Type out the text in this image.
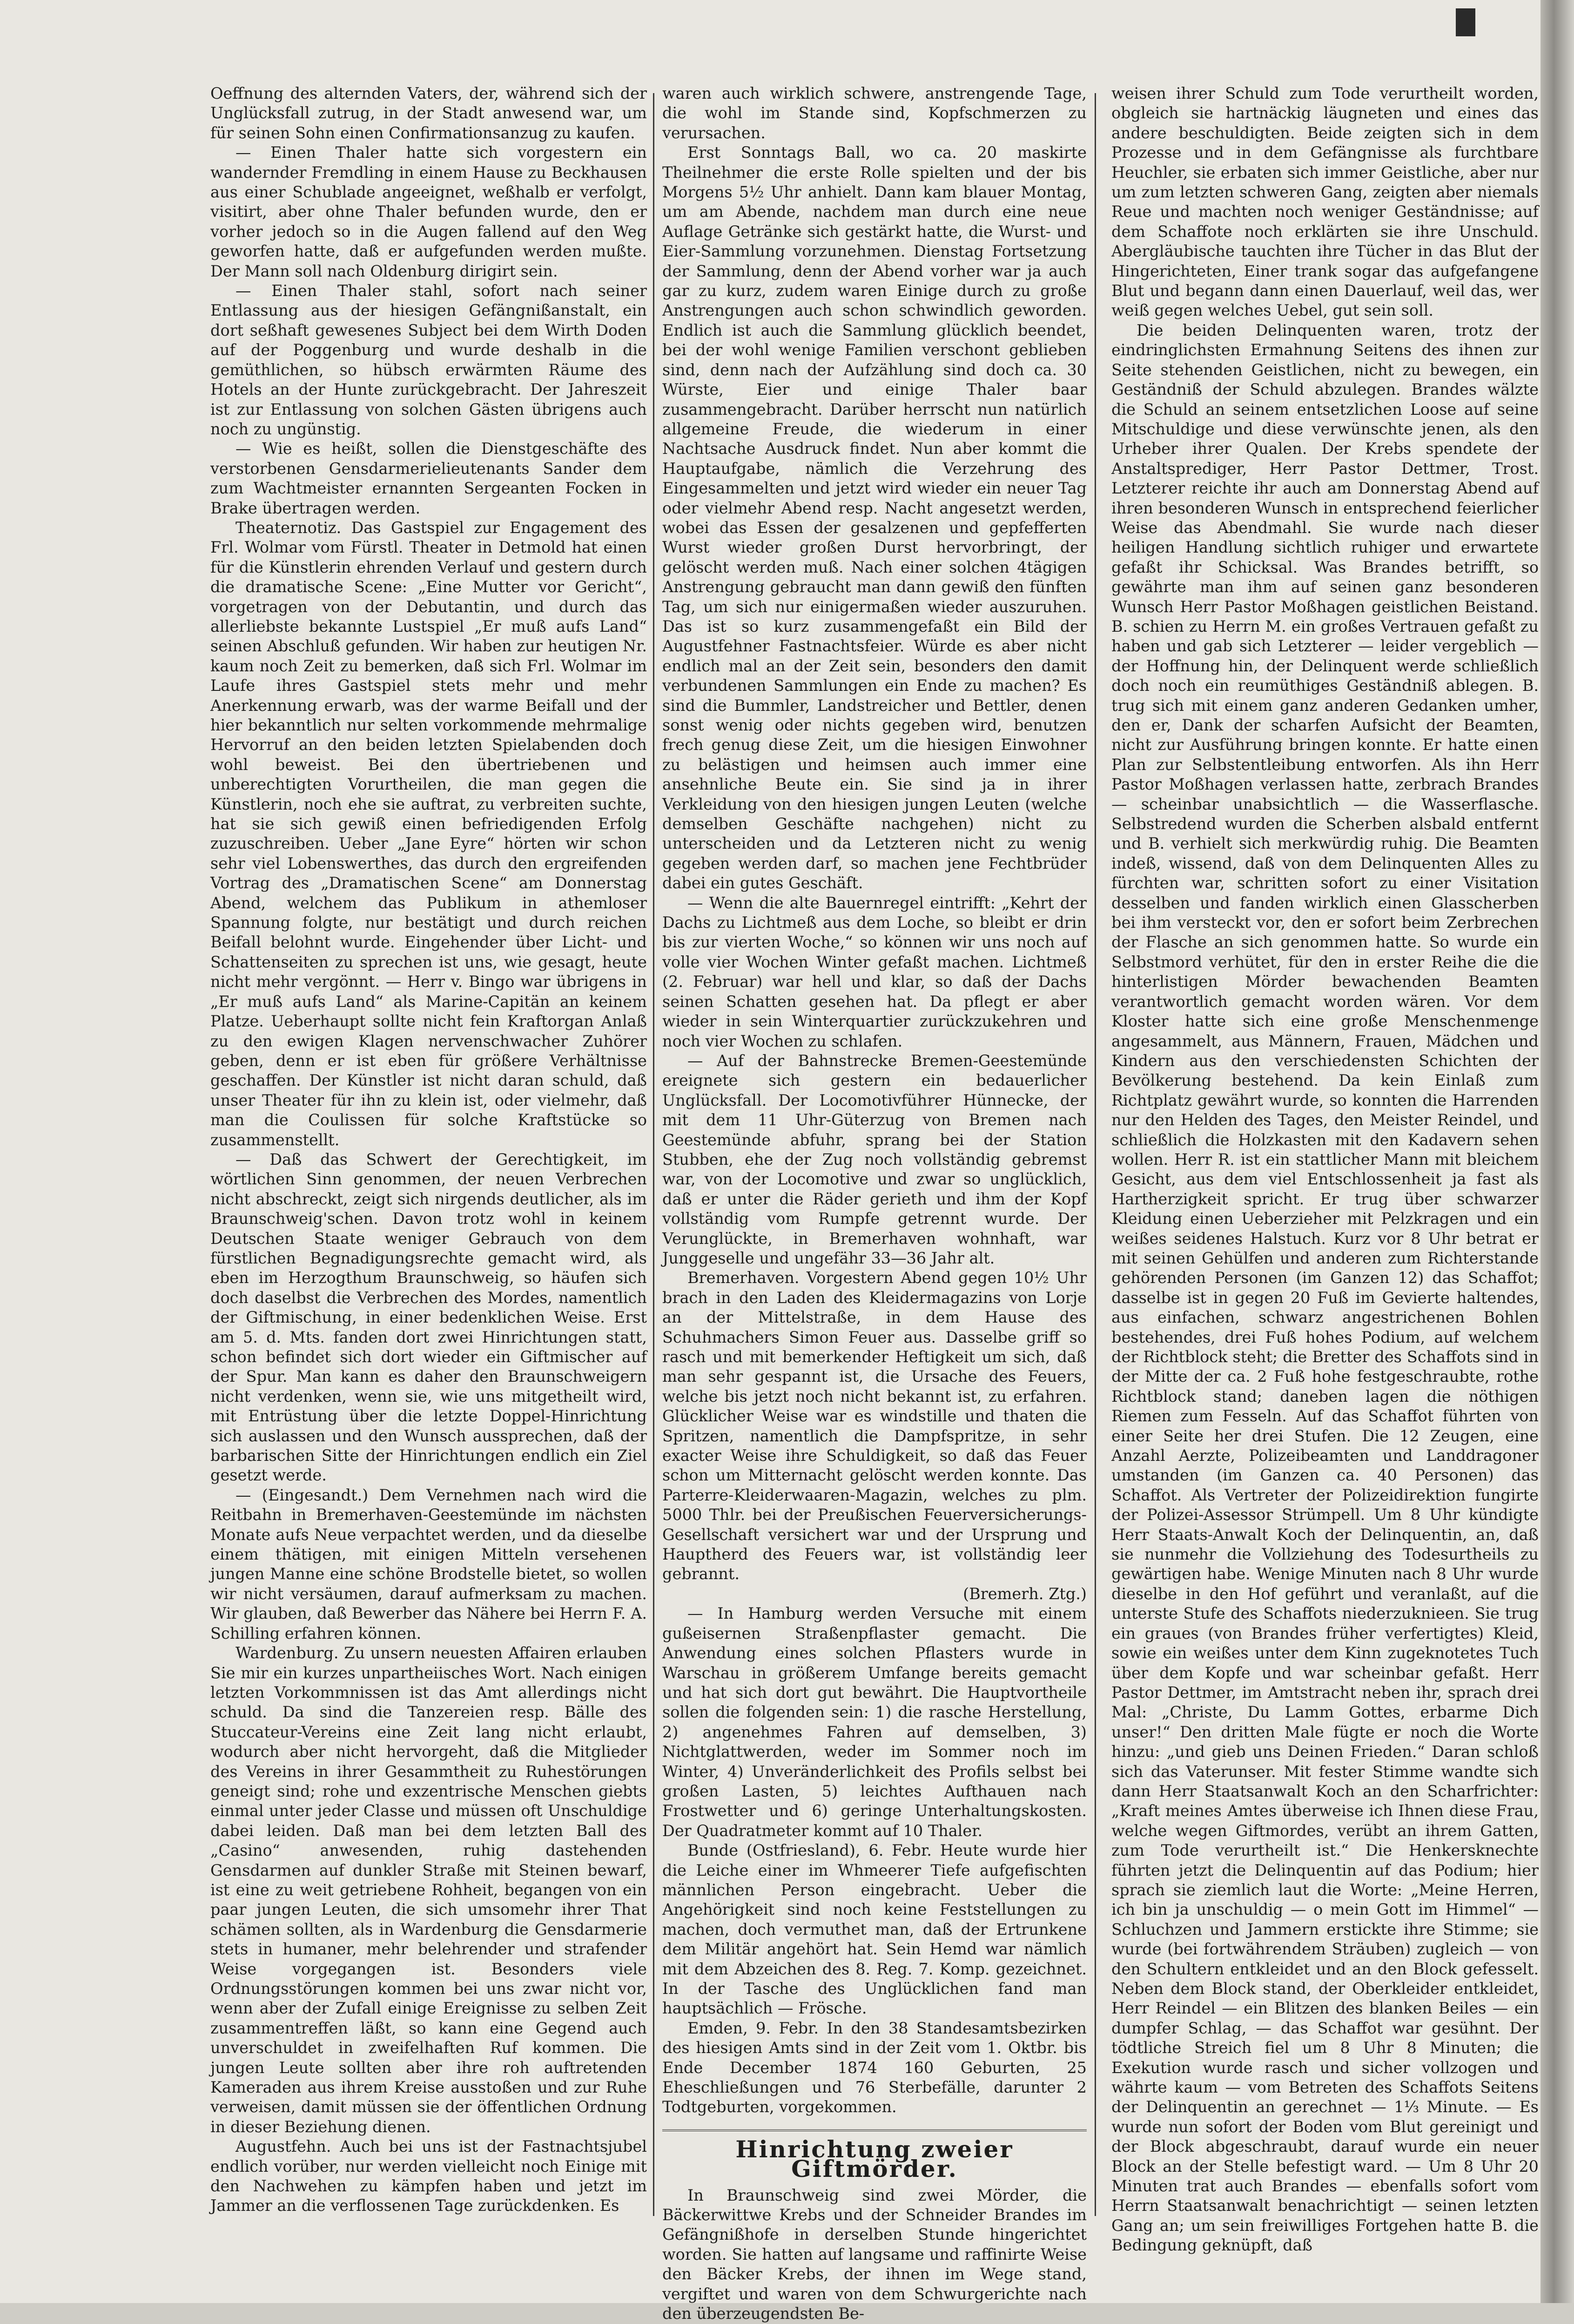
Oeffnung des alternden Vaters, der, während sich der Unglücksfall zutrug, in der Stadt anwesend war, um für seinen Sohn einen Confirmationsanzug zu kaufen.

— Einen Thaler hatte sich vorgestern ein wandernder Fremdling in einem Hause zu Beckhausen aus einer Schublade angeeignet, weßhalb er verfolgt, visitirt, aber ohne Thaler befunden wurde, den er vorher jedoch so in die Augen fallend auf den Weg geworfen hatte, daß er aufgefunden werden mußte. Der Mann soll nach Oldenburg dirigirt sein.

— Einen Thaler stahl, sofort nach seiner Entlassung aus der hiesigen Gefängnißanstalt, ein dort seßhaft gewesenes Subject bei dem Wirth Doden auf der Poggenburg und wurde deshalb in die gemüthlichen, so hübsch erwärmten Räume des Hotels an der Hunte zurückgebracht. Der Jahreszeit ist zur Entlassung von solchen Gästen übrigens auch noch zu ungünstig.

— Wie es heißt, sollen die Dienstgeschäfte des verstorbenen Gensdarmerielieutenants Sander dem zum Wachtmeister ernannten Sergeanten Focken in Brake übertragen werden.

Theaternotiz. Das Gastspiel zur Engagement des Frl. Wolmar vom Fürstl. Theater in Detmold hat einen für die Künstlerin ehrenden Verlauf und gestern durch die dramatische Scene: „Eine Mutter vor Gericht“, vorgetragen von der Debutantin, und durch das allerliebste bekannte Lustspiel „Er muß aufs Land“ seinen Abschluß gefunden. Wir haben zur heutigen Nr. kaum noch Zeit zu bemerken, daß sich Frl. Wolmar im Laufe ihres Gastspiel stets mehr und mehr Anerkennung erwarb, was der warme Beifall und der hier bekanntlich nur selten vorkommende mehrmalige Hervorruf an den beiden letzten Spielabenden doch wohl beweist. Bei den übertriebenen und unberechtigten Vorurtheilen, die man gegen die Künstlerin, noch ehe sie auftrat, zu verbreiten suchte, hat sie sich gewiß einen befriedigenden Erfolg zuzuschreiben. Ueber „Jane Eyre“ hörten wir schon sehr viel Lobenswerthes, das durch den ergreifenden Vortrag des „Dramatischen Scene“ am Donnerstag Abend, welchem das Publikum in athemloser Spannung folgte, nur bestätigt und durch reichen Beifall belohnt wurde. Eingehender über Licht- und Schattenseiten zu sprechen ist uns, wie gesagt, heute nicht mehr vergönnt. — Herr v. Bingo war übrigens in „Er muß aufs Land“ als Marine-Capitän an keinem Platze. Ueberhaupt sollte nicht fein Kraftorgan Anlaß zu den ewigen Klagen nervenschwacher Zuhörer geben, denn er ist eben für größere Verhältnisse geschaffen. Der Künstler ist nicht daran schuld, daß unser Theater für ihn zu klein ist, oder vielmehr, daß man die Coulissen für solche Kraftstücke so zusammenstellt.

— Daß das Schwert der Gerechtigkeit, im wörtlichen Sinn genommen, der neuen Verbrechen nicht abschreckt, zeigt sich nirgends deutlicher, als im Braunschweig'schen. Davon trotz wohl in keinem Deutschen Staate weniger Gebrauch von dem fürstlichen Begnadigungsrechte gemacht wird, als eben im Herzogthum Braunschweig, so häufen sich doch daselbst die Verbrechen des Mordes, namentlich der Giftmischung, in einer bedenklichen Weise. Erst am 5. d. Mts. fanden dort zwei Hinrichtungen statt, schon befindet sich dort wieder ein Giftmischer auf der Spur. Man kann es daher den Braunschweigern nicht verdenken, wenn sie, wie uns mitgetheilt wird, mit Entrüstung über die letzte Doppel-Hinrichtung sich auslassen und den Wunsch aussprechen, daß der barbarischen Sitte der Hinrichtungen endlich ein Ziel gesetzt werde.

— (Eingesandt.) Dem Vernehmen nach wird die Reitbahn in Bremerhaven-Geestemünde im nächsten Monate aufs Neue verpachtet werden, und da dieselbe einem thätigen, mit einigen Mitteln versehenen jungen Manne eine schöne Brodstelle bietet, so wollen wir nicht versäumen, darauf aufmerksam zu machen. Wir glauben, daß Bewerber das Nähere bei Herrn F. A. Schilling erfahren können.

Wardenburg. Zu unsern neuesten Affairen erlauben Sie mir ein kurzes unpartheiisches Wort. Nach einigen letzten Vorkommnissen ist das Amt allerdings nicht schuld. Da sind die Tanzereien resp. Bälle des Stuccateur-Vereins eine Zeit lang nicht erlaubt, wodurch aber nicht hervorgeht, daß die Mitglieder des Vereins in ihrer Gesammtheit zu Ruhestörungen geneigt sind; rohe und exzentrische Menschen giebts einmal unter jeder Classe und müssen oft Unschuldige dabei leiden. Daß man bei dem letzten Ball des „Casino“ anwesenden, ruhig dastehenden Gensdarmen auf dunkler Straße mit Steinen bewarf, ist eine zu weit getriebene Rohheit, begangen von ein paar jungen Leuten, die sich umsomehr ihrer That schämen sollten, als in Wardenburg die Gensdarmerie stets in humaner, mehr belehrender und strafender Weise vorgegangen ist. Besonders viele Ordnungsstörungen kommen bei uns zwar nicht vor, wenn aber der Zufall einige Ereignisse zu selben Zeit zusammentreffen läßt, so kann eine Gegend auch unverschuldet in zweifelhaften Ruf kommen. Die jungen Leute sollten aber ihre roh auftretenden Kameraden aus ihrem Kreise ausstoßen und zur Ruhe verweisen, damit müssen sie der öffentlichen Ordnung in dieser Beziehung dienen.

Augustfehn. Auch bei uns ist der Fastnachtsjubel endlich vorüber, nur werden vielleicht noch Einige mit den Nachwehen zu kämpfen haben und jetzt im Jammer an die verflossenen Tage zurückdenken. Es

waren auch wirklich schwere, anstrengende Tage, die wohl im Stande sind, Kopfschmerzen zu verursachen.

Erst Sonntags Ball, wo ca. 20 maskirte Theilnehmer die erste Rolle spielten und der bis Morgens 5½ Uhr anhielt. Dann kam blauer Montag, um am Abende, nachdem man durch eine neue Auflage Getränke sich gestärkt hatte, die Wurst- und Eier-Sammlung vorzunehmen. Dienstag Fortsetzung der Sammlung, denn der Abend vorher war ja auch gar zu kurz, zudem waren Einige durch zu große Anstrengungen auch schon schwindlich geworden. Endlich ist auch die Sammlung glücklich beendet, bei der wohl wenige Familien verschont geblieben sind, denn nach der Aufzählung sind doch ca. 30 Würste, Eier und einige Thaler baar zusammengebracht. Darüber herrscht nun natürlich allgemeine Freude, die wiederum in einer Nachtsache Ausdruck findet. Nun aber kommt die Hauptaufgabe, nämlich die Verzehrung des Eingesammelten und jetzt wird wieder ein neuer Tag oder vielmehr Abend resp. Nacht angesetzt werden, wobei das Essen der gesalzenen und gepfefferten Wurst wieder großen Durst hervorbringt, der gelöscht werden muß. Nach einer solchen 4tägigen Anstrengung gebraucht man dann gewiß den fünften Tag, um sich nur einigermaßen wieder auszuruhen. Das ist so kurz zusammengefaßt ein Bild der Augustfehner Fastnachtsfeier. Würde es aber nicht endlich mal an der Zeit sein, besonders den damit verbundenen Sammlungen ein Ende zu machen? Es sind die Bummler, Landstreicher und Bettler, denen sonst wenig oder nichts gegeben wird, benutzen frech genug diese Zeit, um die hiesigen Einwohner zu belästigen und heimsen auch immer eine ansehnliche Beute ein. Sie sind ja in ihrer Verkleidung von den hiesigen jungen Leuten (welche demselben Geschäfte nachgehen) nicht zu unterscheiden und da Letzteren nicht zu wenig gegeben werden darf, so machen jene Fechtbrüder dabei ein gutes Geschäft.

— Wenn die alte Bauernregel eintrifft: „Kehrt der Dachs zu Lichtmeß aus dem Loche, so bleibt er drin bis zur vierten Woche,“ so können wir uns noch auf volle vier Wochen Winter gefaßt machen. Lichtmeß (2. Februar) war hell und klar, so daß der Dachs seinen Schatten gesehen hat. Da pflegt er aber wieder in sein Winterquartier zurückzukehren und noch vier Wochen zu schlafen.

— Auf der Bahnstrecke Bremen-Geestemünde ereignete sich gestern ein bedauerlicher Unglücksfall. Der Locomotivführer Hünnecke, der mit dem 11 Uhr-Güterzug von Bremen nach Geestemünde abfuhr, sprang bei der Station Stubben, ehe der Zug noch vollständig gebremst war, von der Locomotive und zwar so unglücklich, daß er unter die Räder gerieth und ihm der Kopf vollständig vom Rumpfe getrennt wurde. Der Verunglückte, in Bremerhaven wohnhaft, war Junggeselle und ungefähr 33—36 Jahr alt.

Bremerhaven. Vorgestern Abend gegen 10½ Uhr brach in den Laden des Kleidermagazins von Lorje an der Mittelstraße, in dem Hause des Schuhmachers Simon Feuer aus. Dasselbe griff so rasch und mit bemerkender Heftigkeit um sich, daß man sehr gespannt ist, die Ursache des Feuers, welche bis jetzt noch nicht bekannt ist, zu erfahren. Glücklicher Weise war es windstille und thaten die Spritzen, namentlich die Dampfspritze, in sehr exacter Weise ihre Schuldigkeit, so daß das Feuer schon um Mitternacht gelöscht werden konnte. Das Parterre-Kleiderwaaren-Magazin, welches zu plm. 5000 Thlr. bei der Preußischen Feuerversicherungs-Gesellschaft versichert war und der Ursprung und Hauptherd des Feuers war, ist vollständig leer gebrannt.

(Bremerh. Ztg.)

— In Hamburg werden Versuche mit einem gußeisernen Straßenpflaster gemacht. Die Anwendung eines solchen Pflasters wurde in Warschau in größerem Umfange bereits gemacht und hat sich dort gut bewährt. Die Hauptvortheile sollen die folgenden sein: 1) die rasche Herstellung, 2) angenehmes Fahren auf demselben, 3) Nichtglattwerden, weder im Sommer noch im Winter, 4) Unveränderlichkeit des Profils selbst bei großen Lasten, 5) leichtes Aufthauen nach Frostwetter und 6) geringe Unterhaltungskosten. Der Quadratmeter kommt auf 10 Thaler.

Bunde (Ostfriesland), 6. Febr. Heute wurde hier die Leiche einer im Whmeerer Tiefe aufgefischten männlichen Person eingebracht. Ueber die Angehörigkeit sind noch keine Feststellungen zu machen, doch vermuthet man, daß der Ertrunkene dem Militär angehört hat. Sein Hemd war nämlich mit dem Abzeichen des 8. Reg. 7. Komp. gezeichnet. In der Tasche des Unglücklichen fand man hauptsächlich — Frösche.

Emden, 9. Febr. In den 38 Standesamtsbezirken des hiesigen Amts sind in der Zeit vom 1. Oktbr. bis Ende December 1874 160 Geburten, 25 Eheschließungen und 76 Sterbefälle, darunter 2 Todtgeburten, vorgekommen.

Hinrichtung zweier Giftmörder.

In Braunschweig sind zwei Mörder, die Bäckerwittwe Krebs und der Schneider Brandes im Gefängnißhofe in derselben Stunde hingerichtet worden. Sie hatten auf langsame und raffinirte Weise den Bäcker Krebs, der ihnen im Wege stand, vergiftet und waren von dem Schwurgerichte nach den überzeugendsten Be-

weisen ihrer Schuld zum Tode verurtheilt worden, obgleich sie hartnäckig läugneten und eines das andere beschuldigten. Beide zeigten sich in dem Prozesse und in dem Gefängnisse als furchtbare Heuchler, sie erbaten sich immer Geistliche, aber nur um zum letzten schweren Gang, zeigten aber niemals Reue und machten noch weniger Geständnisse; auf dem Schaffote noch erklärten sie ihre Unschuld. Abergläubische tauchten ihre Tücher in das Blut der Hingerichteten, Einer trank sogar das aufgefangene Blut und begann dann einen Dauerlauf, weil das, wer weiß gegen welches Uebel, gut sein soll.

Die beiden Delinquenten waren, trotz der eindringlichsten Ermahnung Seitens des ihnen zur Seite stehenden Geistlichen, nicht zu bewegen, ein Geständniß der Schuld abzulegen. Brandes wälzte die Schuld an seinem entsetzlichen Loose auf seine Mitschuldige und diese verwünschte jenen, als den Urheber ihrer Qualen. Der Krebs spendete der Anstaltsprediger, Herr Pastor Dettmer, Trost. Letzterer reichte ihr auch am Donnerstag Abend auf ihren besonderen Wunsch in entsprechend feierlicher Weise das Abendmahl. Sie wurde nach dieser heiligen Handlung sichtlich ruhiger und erwartete gefaßt ihr Schicksal. Was Brandes betrifft, so gewährte man ihm auf seinen ganz besonderen Wunsch Herr Pastor Moßhagen geistlichen Beistand. B. schien zu Herrn M. ein großes Vertrauen gefaßt zu haben und gab sich Letzterer — leider vergeblich — der Hoffnung hin, der Delinquent werde schließlich doch noch ein reumüthiges Geständniß ablegen. B. trug sich mit einem ganz anderen Gedanken umher, den er, Dank der scharfen Aufsicht der Beamten, nicht zur Ausführung bringen konnte. Er hatte einen Plan zur Selbstentleibung entworfen. Als ihn Herr Pastor Moßhagen verlassen hatte, zerbrach Brandes — scheinbar unabsichtlich — die Wasserflasche. Selbstredend wurden die Scherben alsbald entfernt und B. verhielt sich merkwürdig ruhig. Die Beamten indeß, wissend, daß von dem Delinquenten Alles zu fürchten war, schritten sofort zu einer Visitation desselben und fanden wirklich einen Glasscherben bei ihm versteckt vor, den er sofort beim Zerbrechen der Flasche an sich genommen hatte. So wurde ein Selbstmord verhütet, für den in erster Reihe die die hinterlistigen Mörder bewachenden Beamten verantwortlich gemacht worden wären. Vor dem Kloster hatte sich eine große Menschenmenge angesammelt, aus Männern, Frauen, Mädchen und Kindern aus den verschiedensten Schichten der Bevölkerung bestehend. Da kein Einlaß zum Richtplatz gewährt wurde, so konnten die Harrenden nur den Helden des Tages, den Meister Reindel, und schließlich die Holzkasten mit den Kadavern sehen wollen. Herr R. ist ein stattlicher Mann mit bleichem Gesicht, aus dem viel Entschlossenheit ja fast als Hartherzigkeit spricht. Er trug über schwarzer Kleidung einen Ueberzieher mit Pelzkragen und ein weißes seidenes Halstuch. Kurz vor 8 Uhr betrat er mit seinen Gehülfen und anderen zum Richterstande gehörenden Personen (im Ganzen 12) das Schaffot; dasselbe ist in gegen 20 Fuß im Gevierte haltendes, aus einfachen, schwarz angestrichenen Bohlen bestehendes, drei Fuß hohes Podium, auf welchem der Richtblock steht; die Bretter des Schaffots sind in der Mitte der ca. 2 Fuß hohe festgeschraubte, rothe Richtblock stand; daneben lagen die nöthigen Riemen zum Fesseln. Auf das Schaffot führten von einer Seite her drei Stufen. Die 12 Zeugen, eine Anzahl Aerzte, Polizeibeamten und Landdragoner umstanden (im Ganzen ca. 40 Personen) das Schaffot. Als Vertreter der Polizeidirektion fungirte der Polizei-Assessor Strümpell. Um 8 Uhr kündigte Herr Staats-Anwalt Koch der Delinquentin, an, daß sie nunmehr die Vollziehung des Todesurtheils zu gewärtigen habe. Wenige Minuten nach 8 Uhr wurde dieselbe in den Hof geführt und veranlaßt, auf die unterste Stufe des Schaffots niederzuknieen. Sie trug ein graues (von Brandes früher verfertigtes) Kleid, sowie ein weißes unter dem Kinn zugeknotetes Tuch über dem Kopfe und war scheinbar gefaßt. Herr Pastor Dettmer, im Amtstracht neben ihr, sprach drei Mal: „Christe, Du Lamm Gottes, erbarme Dich unser!“ Den dritten Male fügte er noch die Worte hinzu: „und gieb uns Deinen Frieden.“ Daran schloß sich das Vaterunser. Mit fester Stimme wandte sich dann Herr Staatsanwalt Koch an den Scharfrichter: „Kraft meines Amtes überweise ich Ihnen diese Frau, welche wegen Giftmordes, verübt an ihrem Gatten, zum Tode verurtheilt ist.“ Die Henkersknechte führten jetzt die Delinquentin auf das Podium; hier sprach sie ziemlich laut die Worte: „Meine Herren, ich bin ja unschuldig — o mein Gott im Himmel“ — Schluchzen und Jammern erstickte ihre Stimme; sie wurde (bei fortwährendem Sträuben) zugleich — von den Schultern entkleidet und an den Block gefesselt. Neben dem Block stand, der Oberkleider entkleidet, Herr Reindel — ein Blitzen des blanken Beiles — ein dumpfer Schlag, — das Schaffot war gesühnt. Der tödtliche Streich fiel um 8 Uhr 8 Minuten; die Exekution wurde rasch und sicher vollzogen und währte kaum — vom Betreten des Schaffots Seitens der Delinquentin an gerechnet — 1⅓ Minute. — Es wurde nun sofort der Boden vom Blut gereinigt und der Block abgeschraubt, darauf wurde ein neuer Block an der Stelle befestigt ward. — Um 8 Uhr 20 Minuten trat auch Brandes — ebenfalls sofort vom Herrn Staatsanwalt benachrichtigt — seinen letzten Gang an; um sein freiwilliges Fortgehen hatte B. die Bedingung geknüpft, daß
